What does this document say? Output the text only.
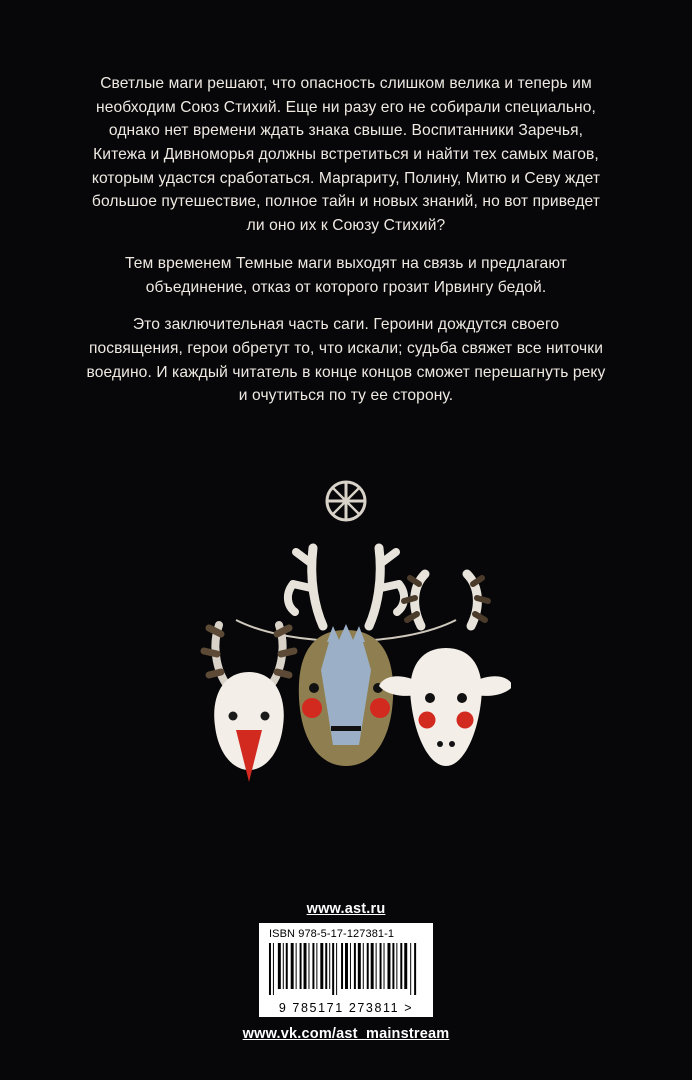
Светлые маги решают, что опасность слишком велика и теперь им необходим Союз Стихий. Еще ни разу его не собирали специально, однако нет времени ждать знака свыше. Воспитанники Заречья, Китежа и Дивноморья должны встретиться и найти тех самых магов, которым удастся сработаться. Маргариту, Полину, Митю и Севу ждет большое путешествие, полное тайн и новых знаний, но вот приведет ли оно их к Союзу Стихий?

Тем временем Темные маги выходят на связь и предлагают объединение, отказ от которого грозит Ирвингу бедой.

Это заключительная часть саги. Героини дождутся своего посвящения, герои обретут то, что искали; судьба свяжет все ниточки воедино. И каждый читатель в конце концов сможет перешагнуть реку и очутиться по ту ее сторону.

www.ast.ru
ISBN 978-5-17-127381-1
9 785171 273811 >
www.vk.com/ast_mainstream
